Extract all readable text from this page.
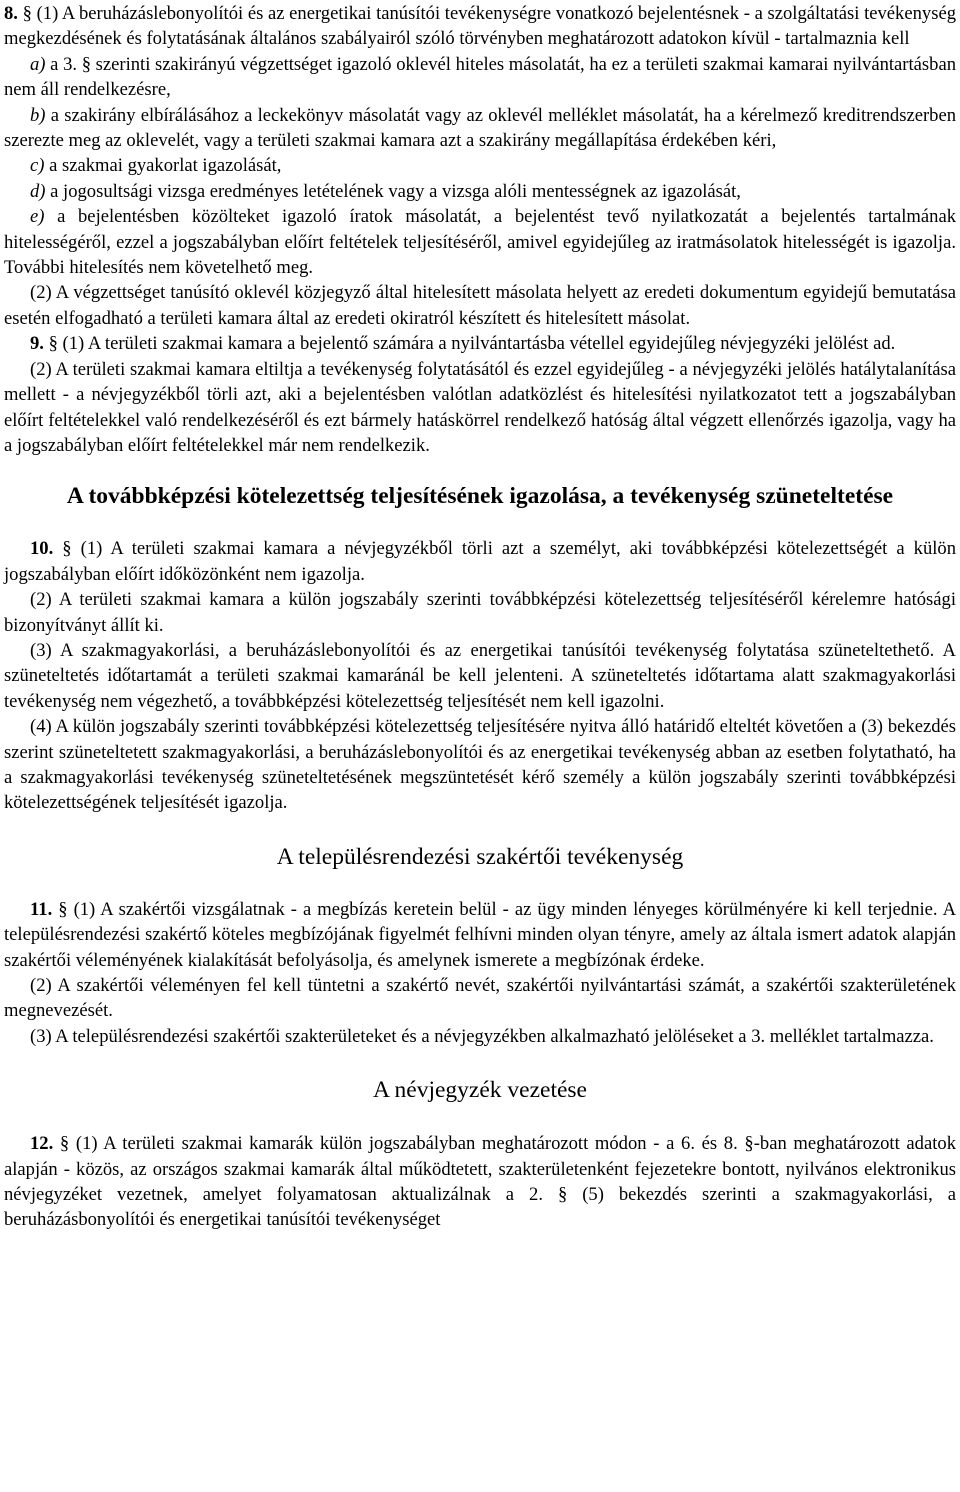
8. § (1) A beruházáslebonyolítói és az energetikai tanúsítói tevékenységre vonatkozó bejelentésnek - a szolgáltatási tevékenység megkezdésének és folytatásának általános szabályairól szóló törvényben meghatározott adatokon kívül - tartalmaznia kell

a) a 3. § szerinti szakirányú végzettséget igazoló oklevél hiteles másolatát, ha ez a területi szakmai kamarai nyilvántartásban nem áll rendelkezésre,

b) a szakirány elbírálásához a leckekönyv másolatát vagy az oklevél melléklet másolatát, ha a kérelmező kreditrendszerben szerezte meg az oklevelét, vagy a területi szakmai kamara azt a szakirány megállapítása érdekében kéri,

c) a szakmai gyakorlat igazolását,

d) a jogosultsági vizsga eredményes letételének vagy a vizsga alóli mentességnek az igazolását,

e) a bejelentésben közölteket igazoló íratok másolatát, a bejelentést tevő nyilatkozatát a bejelentés tartalmának hitelességéről, ezzel a jogszabályban előírt feltételek teljesítéséről, amivel egyidejűleg az iratmásolatok hitelességét is igazolja. További hitelesítés nem követelhető meg.

(2) A végzettséget tanúsító oklevél közjegyző által hitelesített másolata helyett az eredeti dokumentum egyidejű bemutatása esetén elfogadható a területi kamara által az eredeti okiratról készített és hitelesített másolat.

9. § (1) A területi szakmai kamara a bejelentő számára a nyilvántartásba vétellel egyidejűleg névjegyzéki jelölést ad.

(2) A területi szakmai kamara eltiltja a tevékenység folytatásától és ezzel egyidejűleg - a névjegyzéki jelölés hatálytalanítása mellett - a névjegyzékből törli azt, aki a bejelentésben valótlan adatközlést és hitelesítési nyilatkozatot tett a jogszabályban előírt feltételekkel való rendelkezéséről és ezt bármely hatáskörrel rendelkező hatóság által végzett ellenőrzés igazolja, vagy ha a jogszabályban előírt feltételekkel már nem rendelkezik.

A továbbképzési kötelezettség teljesítésének igazolása, a tevékenység szüneteltetése

10. § (1) A területi szakmai kamara a névjegyzékből törli azt a személyt, aki továbbképzési kötelezettségét a külön jogszabályban előírt időközönként nem igazolja.

(2) A területi szakmai kamara a külön jogszabály szerinti továbbképzési kötelezettség teljesítéséről kérelemre hatósági bizonyítványt állít ki.

(3) A szakmagyakorlási, a beruházáslebonyolítói és az energetikai tanúsítói tevékenység folytatása szüneteltethető. A szüneteltetés időtartamát a területi szakmai kamaránál be kell jelenteni. A szüneteltetés időtartama alatt szakmagyakorlási tevékenység nem végezhető, a továbbképzési kötelezettség teljesítését nem kell igazolni.

(4) A külön jogszabály szerinti továbbképzési kötelezettség teljesítésére nyitva álló határidő elteltét követően a (3) bekezdés szerint szüneteltetett szakmagyakorlási, a beruházáslebonyolítói és az energetikai tevékenység abban az esetben folytatható, ha a szakmagyakorlási tevékenység szüneteltetésének megszüntetését kérő személy a külön jogszabály szerinti továbbképzési kötelezettségének teljesítését igazolja.

A településrendezési szakértői tevékenység

11. § (1) A szakértői vizsgálatnak - a megbízás keretein belül - az ügy minden lényeges körülményére ki kell terjednie. A településrendezési szakértő köteles megbízójának figyelmét felhívni minden olyan tényre, amely az általa ismert adatok alapján szakértői véleményének kialakítását befolyásolja, és amelynek ismerete a megbízónak érdeke.

(2) A szakértői véleményen fel kell tüntetni a szakértő nevét, szakértői nyilvántartási számát, a szakértői szakterületének megnevezését.

(3) A településrendezési szakértői szakterületeket és a névjegyzékben alkalmazható jelöléseket a 3. melléklet tartalmazza.

A névjegyzék vezetése

12. § (1) A területi szakmai kamarák külön jogszabályban meghatározott módon - a 6. és 8. §-ban meghatározott adatok alapján - közös, az országos szakmai kamarák által működtetett, szakterületenként fejezetekre bontott, nyilvános elektronikus névjegyzéket vezetnek, amelyet folyamatosan aktualizálnak a 2. § (5) bekezdés szerinti a szakmagyakorlási, a beruházásbonyolítói és energetikai tanúsítói tevékenységet
